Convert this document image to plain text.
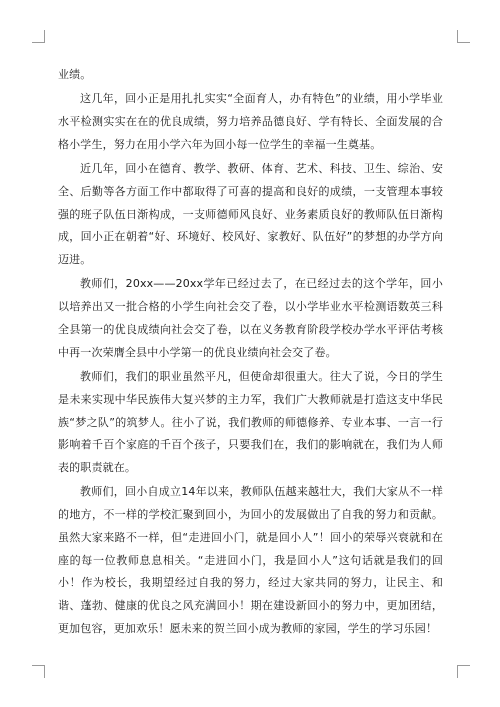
业绩。

这几年，回小正是用扎扎实实“全面育人，办有特色”的业绩，用小学毕业水平检测实实在在的优良成绩，努力培养品德良好、学有特长、全面发展的合格小学生，努力在用小学六年为回小每一位学生的幸福一生奠基。

近几年，回小在德育、教学、教研、体育、艺术、科技、卫生、综治、安全、后勤等各方面工作中都取得了可喜的提高和良好的成绩，一支管理本事较强的班子队伍日渐构成，一支师德师风良好、业务素质良好的教师队伍日渐构成，回小正在朝着“好、环境好、校风好、家教好、队伍好”的梦想的办学方向迈进。

教师们，20xx——20xx学年已经过去了，在已经过去的这个学年，回小以培养出又一批合格的小学生向社会交了卷，以小学毕业水平检测语数英三科全县第一的优良成绩向社会交了卷，以在义务教育阶段学校办学水平评估考核中再一次荣膺全县中小学第一的优良业绩向社会交了卷。

教师们，我们的职业虽然平凡，但使命却很重大。往大了说，今日的学生是未来实现中华民族伟大复兴梦的主力军，我们广大教师就是打造这支中华民族“梦之队”的筑梦人。往小了说，我们教师的师德修养、专业本事、一言一行影响着千百个家庭的千百个孩子，只要我们在，我们的影响就在，我们为人师表的职责就在。

教师们，回小自成立14年以来，教师队伍越来越壮大，我们大家从不一样的地方，不一样的学校汇聚到回小，为回小的发展做出了自我的努力和贡献。虽然大家来路不一样，但“走进回小门，就是回小人”！回小的荣辱兴衰就和在座的每一位教师息息相关。“走进回小门，我是回小人”这句话就是我们的回小！作为校长，我期望经过自我的努力，经过大家共同的努力，让民主、和谐、蓬勃、健康的优良之风充满回小！期在建设新回小的努力中，更加团结，更加包容，更加欢乐！愿未来的贺兰回小成为教师的家园，学生的学习乐园！
